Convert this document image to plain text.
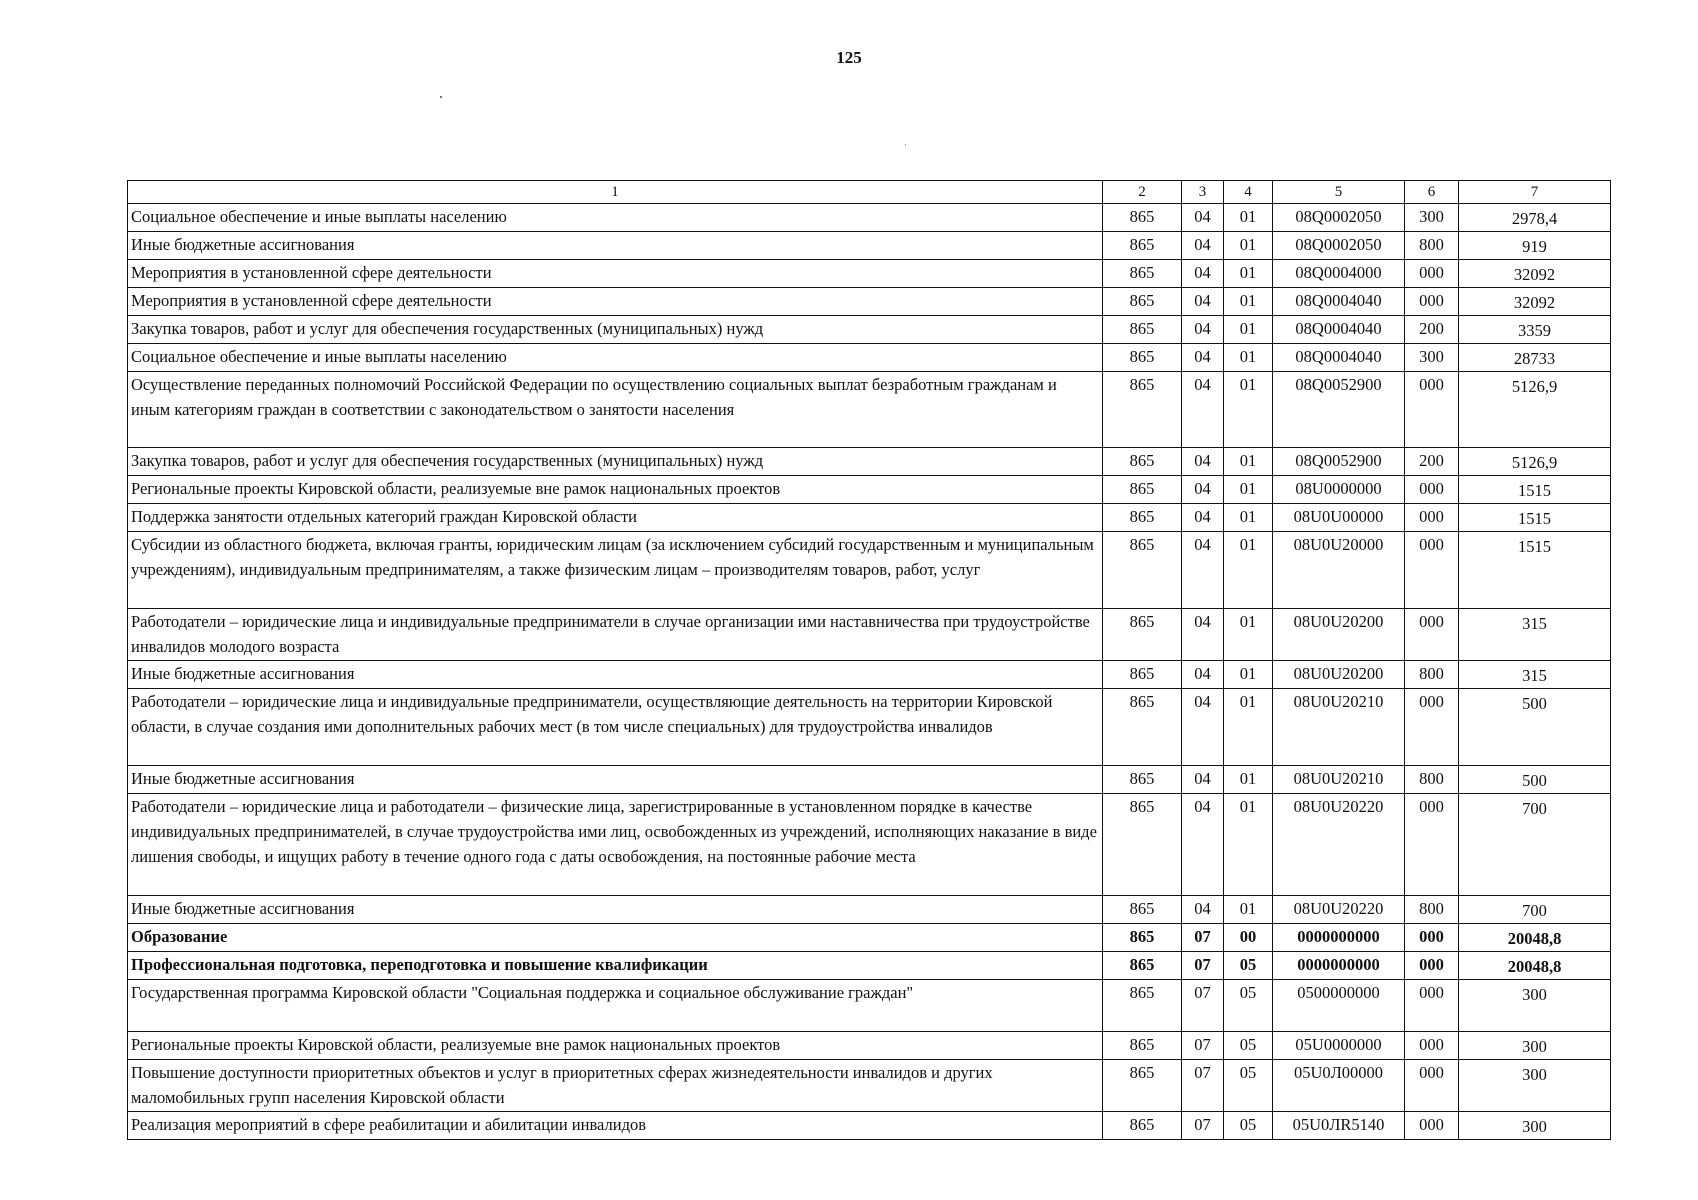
125
1	2	3	4	5	6	7
Социальное обеспечение и иные выплаты населению	865	04	01	08Q0002050	300	2978,4
Иные бюджетные ассигнования	865	04	01	08Q0002050	800	919
Мероприятия в установленной сфере деятельности	865	04	01	08Q0004000	000	32092
Мероприятия в установленной сфере деятельности	865	04	01	08Q0004040	000	32092
Закупка товаров, работ и услуг для обеспечения государственных (муниципальных) нужд	865	04	01	08Q0004040	200	3359
Социальное обеспечение и иные выплаты населению	865	04	01	08Q0004040	300	28733
Осуществление переданных полномочий Российской Федерации по осуществлению социальных выплат безработным гражданам и иным категориям граждан в соответствии с законодательством о занятости населения	865	04	01	08Q0052900	000	5126,9
Закупка товаров, работ и услуг для обеспечения государственных (муниципальных) нужд	865	04	01	08Q0052900	200	5126,9
Региональные проекты Кировской области, реализуемые вне рамок национальных проектов	865	04	01	08U0000000	000	1515
Поддержка занятости отдельных категорий граждан Кировской области	865	04	01	08U0U00000	000	1515
Субсидии из областного бюджета, включая гранты, юридическим лицам (за исключением субсидий государственным и муниципальным учреждениям), индивидуальным предпринимателям, а также физическим лицам – производителям товаров, работ, услуг	865	04	01	08U0U20000	000	1515
Работодатели – юридические лица и индивидуальные предприниматели в случае организации ими наставничества при трудоустройстве инвалидов молодого возраста	865	04	01	08U0U20200	000	315
Иные бюджетные ассигнования	865	04	01	08U0U20200	800	315
Работодатели – юридические лица и индивидуальные предприниматели, осуществляющие деятельность на территории Кировской области, в случае создания ими дополнительных рабочих мест (в том числе специальных) для трудоустройства инвалидов	865	04	01	08U0U20210	000	500
Иные бюджетные ассигнования	865	04	01	08U0U20210	800	500
Работодатели – юридические лица и работодатели – физические лица, зарегистрированные в установленном порядке в качестве индивидуальных предпринимателей, в случае трудоустройства ими лиц, освобожденных из учреждений, исполняющих наказание в виде лишения свободы, и ищущих работу в течение одного года с даты освобождения, на постоянные рабочие места	865	04	01	08U0U20220	000	700
Иные бюджетные ассигнования	865	04	01	08U0U20220	800	700
Образование	865	07	00	0000000000	000	20048,8
Профессиональная подготовка, переподготовка и повышение квалификации	865	07	05	0000000000	000	20048,8
Государственная программа Кировской области "Социальная поддержка и социальное обслуживание граждан"	865	07	05	0500000000	000	300
Региональные проекты Кировской области, реализуемые вне рамок национальных проектов	865	07	05	05U0000000	000	300
Повышение доступности приоритетных объектов и услуг в приоритетных сферах жизнедеятельности инвалидов и других маломобильных групп населения Кировской области	865	07	05	05U0Л00000	000	300
Реализация мероприятий в сфере реабилитации и абилитации инвалидов	865	07	05	05U0ЛR5140	000	300
